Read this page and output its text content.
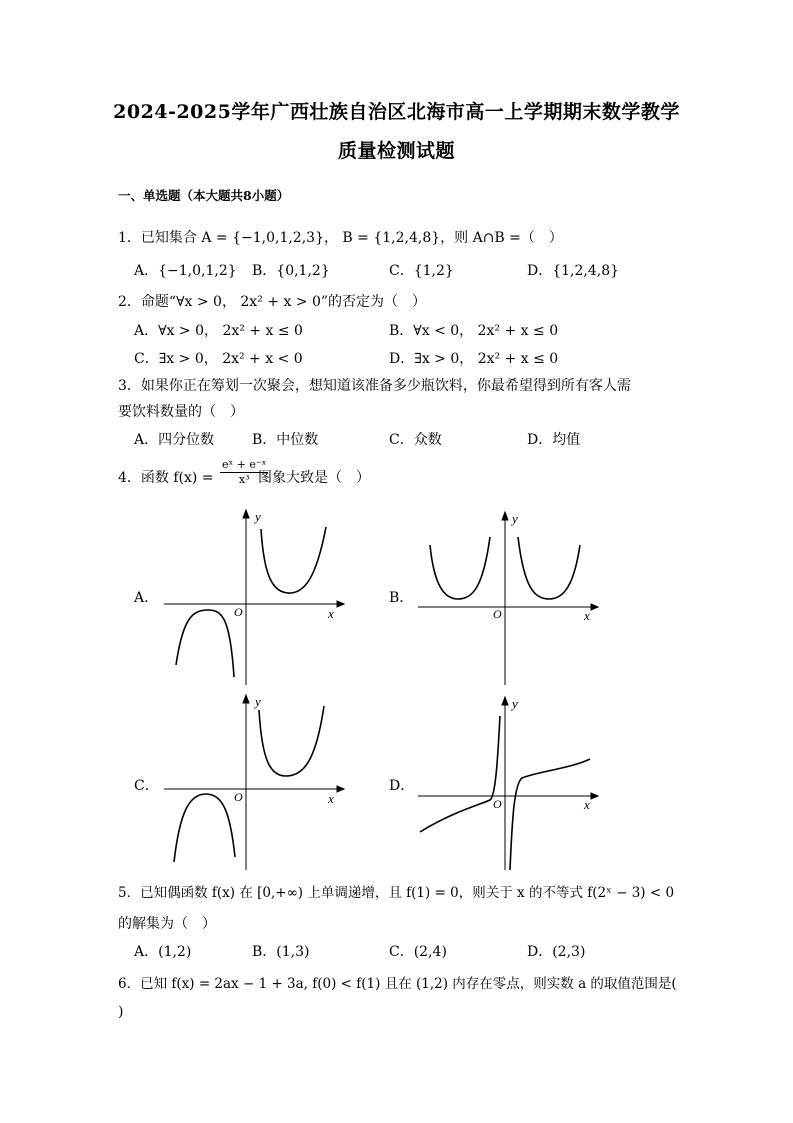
2024-2025学年广西壮族自治区北海市高一上学期期末数学教学
质量检测试题
一、单选题（本大题共8小题）
1．已知集合 A = {−1,0,1,2,3}， B = {1,2,4,8}，则 A∩B =（　）
A．{−1,0,1,2} B．{0,1,2}	C．{1,2}	D．{1,2,4,8}
2．命题“∀x > 0， 2x² + x > 0”的否定为（　）
A．∀x > 0， 2x² + x ≤ 0	B．∀x < 0， 2x² + x ≤ 0
C．∃x > 0， 2x² + x < 0	D．∃x > 0， 2x² + x ≤ 0
3．如果你正在筹划一次聚会，想知道该准备多少瓶饮料，你最希望得到所有客人需
要饮料数量的（　）
A．四分位数	B．中位数	C．众数	D．均值
4．函数 $f(x) = \frac{\text{eˣ + e⁻ˣ}}{\text{x³}}$
图象大致是（　）
A．	B．
C．	D．
y
x
O
y
x
O
y
x
O
y
x
O
5．已知偶函数 f(x) 在 [0,+∞) 上单调递增，且 f(1) = 0，则关于 x 的不等式 f(2ˣ − 3) < 0
的解集为（　）
A．(1,2)	B．(1,3)	C．(2,4)	D．(2,3)
6．已知 f(x) = 2ax − 1 + 3a, f(0) < f(1) 且在 (1,2) 内存在零点，则实数 a 的取值范围是(
)
